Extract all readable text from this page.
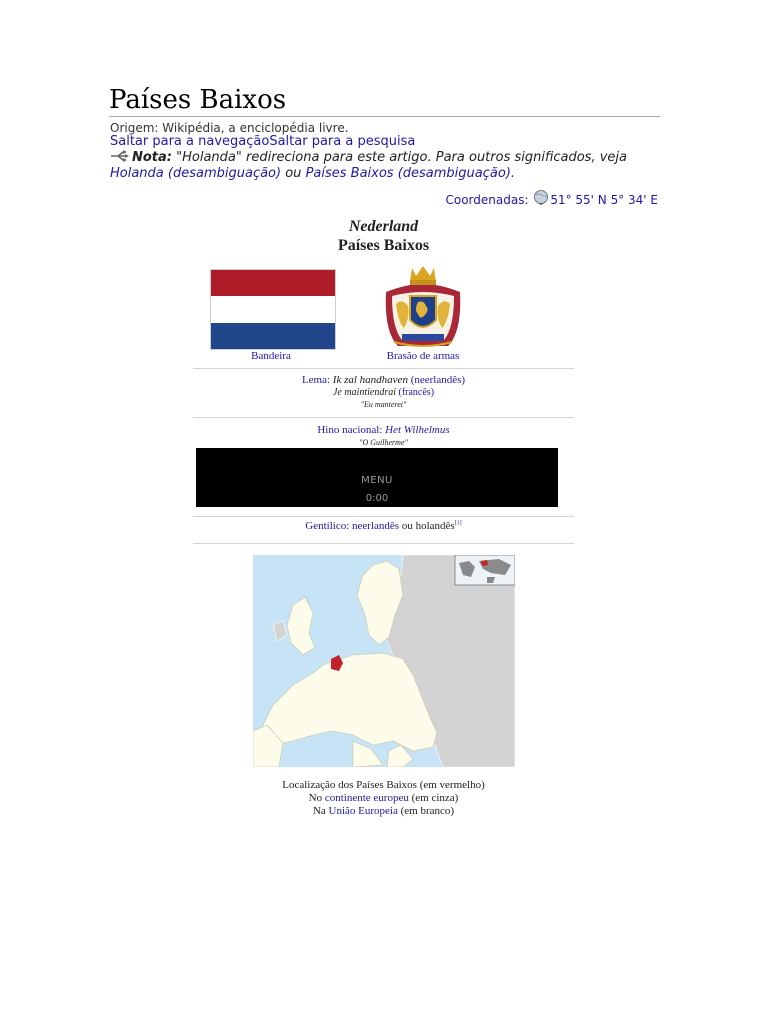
Países Baixos
Origem: Wikipédia, a enciclopédia livre.
Saltar para a navegaçãoSaltar para a pesquisa
Nota: "Holanda" redireciona para este artigo. Para outros significados, veja Holanda (desambiguação) ou Países Baixos (desambiguação).
Coordenadas: 51° 55' N 5° 34' E
Nederland
Países Baixos
Bandeira	Brasão de armas
Lema: Ik zal handhaven (neerlandês)
Je maintiendrai (francês)
"Eu manterei"
Hino nacional: Het Wilhelmus
"O Guilherme"
MENU
0:00
Gentílico: neerlandês ou holandês[1]
Localização dos Países Baixos (em vermelho)
No continente europeu (em cinza)
Na União Europeia (em branco)
